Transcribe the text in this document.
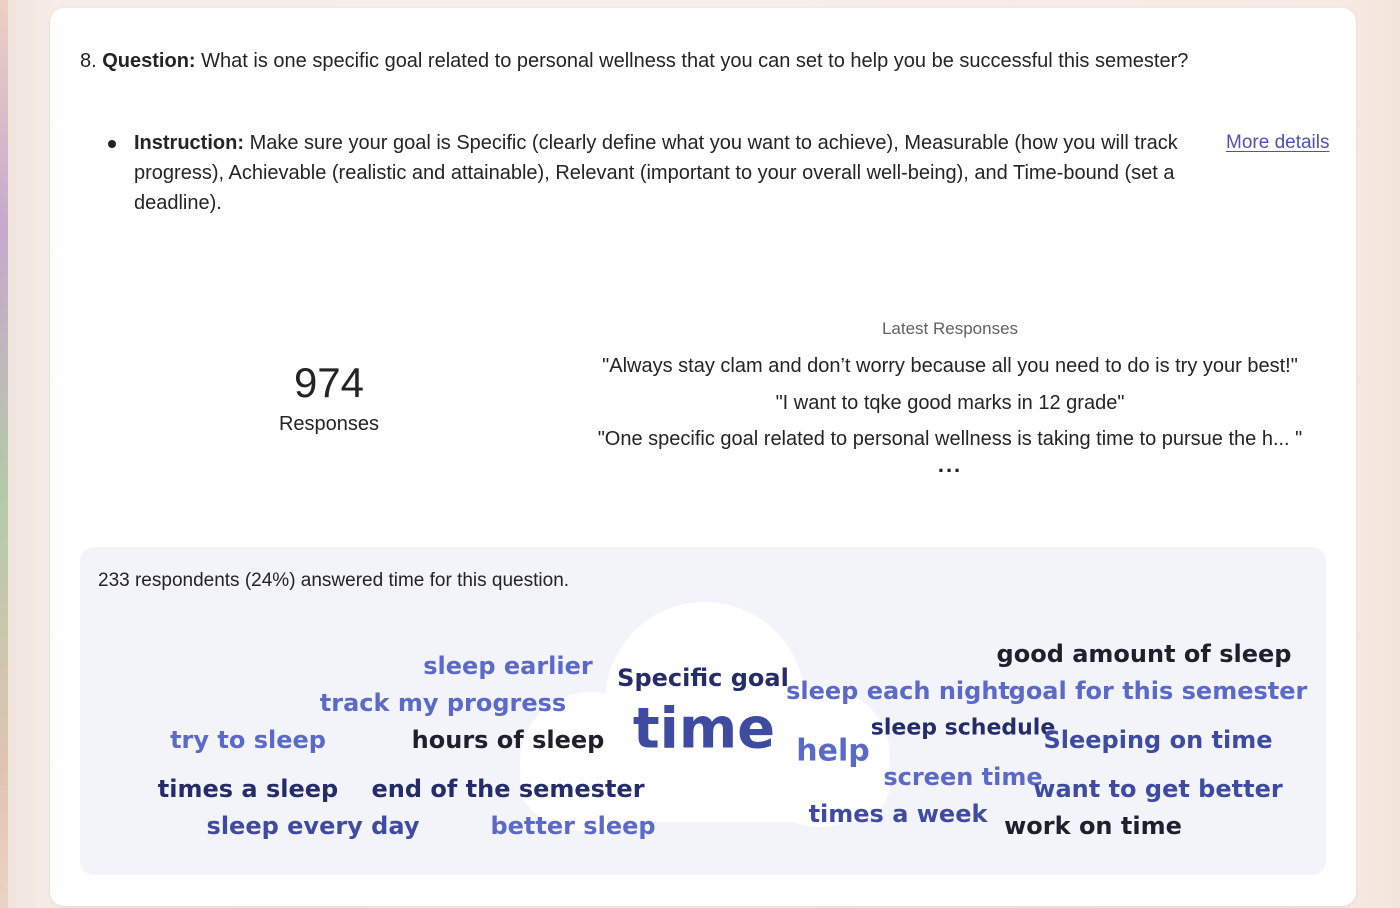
8. Question: What is one specific goal related to personal wellness that you can set to help you be successful this semester?
Instruction: Make sure your goal is Specific (clearly define what you want to achieve), Measurable (how you will track progress), Achievable (realistic and attainable), Relevant (important to your overall well-being), and Time-bound (set a deadline).
More details
974
Responses
Latest Responses
"Always stay clam and don’t worry because all you need to do is try your best!"
"I want to tqke good marks in 12 grade"
"One specific goal related to personal wellness is taking time to pursue the h... "
...
233 respondents (24%) answered time for this question.
time
Specific goal
sleep earlier
track my progress
try to sleep	hours of sleep
times a sleep end of the semester
sleep every day	better sleep
help
good amount of sleep
sleep each night
goal for this semester
sleep schedule
Sleeping on time
screen time
want to get better
times a week work on time
